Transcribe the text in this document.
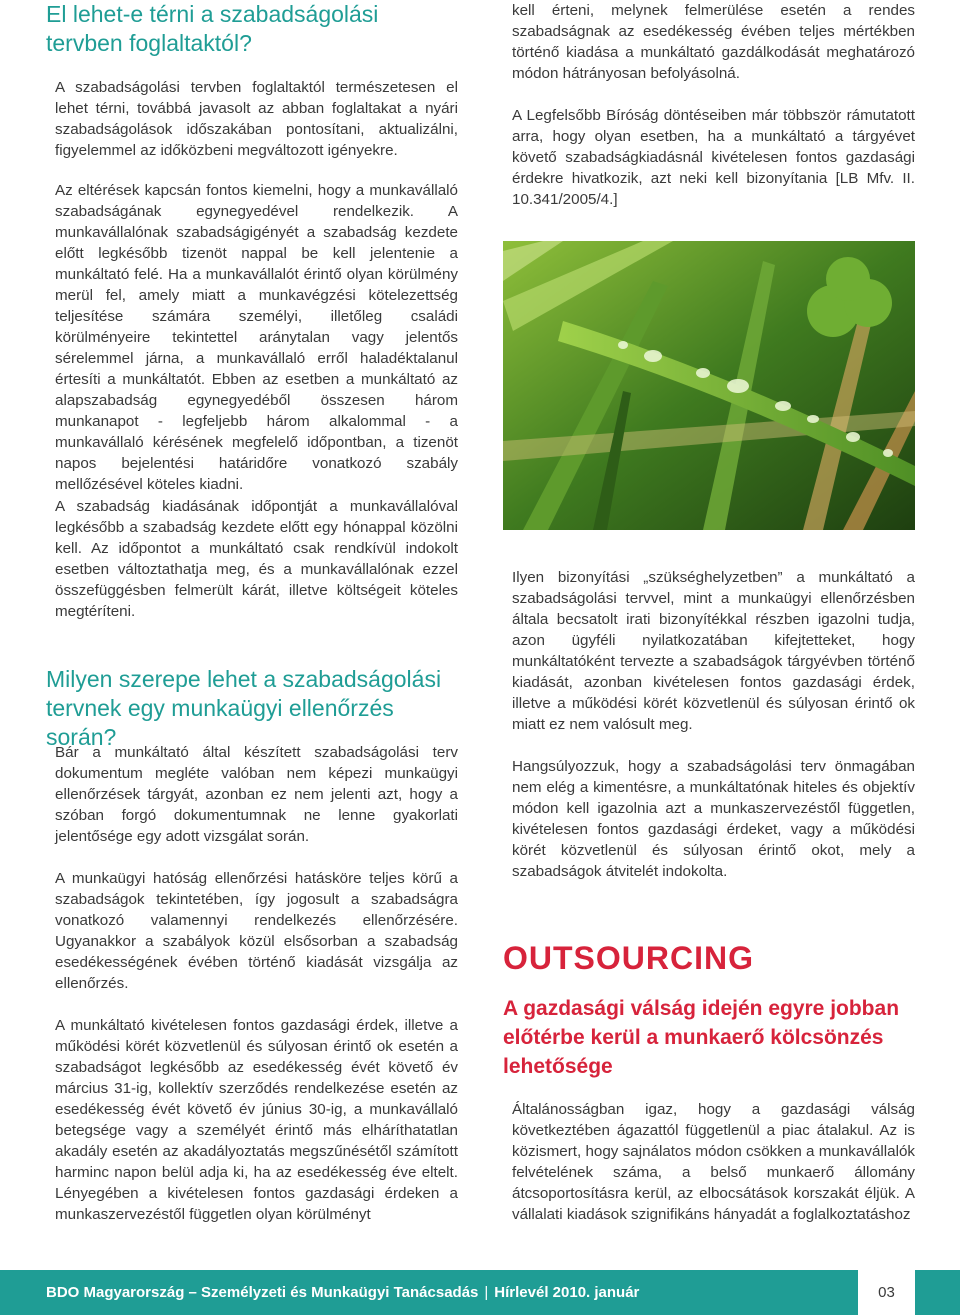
El lehet-e térni a szabadságolási tervben foglaltaktól?

A szabadságolási tervben foglaltaktól természetesen el lehet térni, továbbá javasolt az abban foglaltakat a nyári szabadságolások időszakában pontosítani, aktualizálni, figyelemmel az időközbeni megváltozott igényekre.

Az eltérések kapcsán fontos kiemelni, hogy a munkavállaló szabadságának egynegyedével rendelkezik. A munkavállalónak szabadságigényét a szabadság kezdete előtt legkésőbb tizenöt nappal be kell jelentenie a munkáltató felé. Ha a munkavállalót érintő olyan körülmény merül fel, amely miatt a munkavégzési kötelezettség teljesítése számára személyi, illetőleg családi körülményeire tekintettel aránytalan vagy jelentős sérelemmel járna, a munkavállaló erről haladéktalanul értesíti a munkáltatót. Ebben az esetben a munkáltató az alapszabadság egynegyedéből összesen három munkanapot - legfeljebb három alkalommal - a munkavállaló kérésének megfelelő időpontban, a tizenöt napos bejelentési határidőre vonatkozó szabály mellőzésével köteles kiadni.

A szabadság kiadásának időpontját a munkavállalóval legkésőbb a szabadság kezdete előtt egy hónappal közölni kell. Az időpontot a munkáltató csak rendkívül indokolt esetben változtathatja meg, és a munkavállalónak ezzel összefüggésben felmerült kárát, illetve költségeit köteles megtéríteni.

Milyen szerepe lehet a szabadságolási tervnek egy munkaügyi ellenőrzés során?

Bár a munkáltató által készített szabadságolási terv dokumentum megléte valóban nem képezi munkaügyi ellenőrzések tárgyát, azonban ez nem jelenti azt, hogy a szóban forgó dokumentumnak ne lenne gyakorlati jelentősége egy adott vizsgálat során.

A munkaügyi hatóság ellenőrzési hatásköre teljes körű a szabadságok tekintetében, így jogosult a szabadságra vonatkozó valamennyi rendelkezés ellenőrzésére. Ugyanakkor a szabályok közül elsősorban a szabadság esedékességének évében történő kiadását vizsgálja az ellenőrzés.

A munkáltató kivételesen fontos gazdasági érdek, illetve a működési körét közvetlenül és súlyosan érintő ok esetén a szabadságot legkésőbb az esedékesség évét követő év március 31-ig, kollektív szerződés rendelkezése esetén az esedékesség évét követő év június 30-ig, a munkavállaló betegsége vagy a személyét érintő más elháríthatatlan akadály esetén az akadályoztatás megszűnésétől számított harminc napon belül adja ki, ha az esedékesség éve eltelt. Lényegében a kivételesen fontos gazdasági érdeken a munkaszervezéstől független olyan körülményt

kell érteni, melynek felmerülése esetén a rendes szabadságnak az esedékesség évében teljes mértékben történő kiadása a munkáltató gazdálkodását meghatározó módon hátrányosan befolyásolná.

A Legfelsőbb Bíróság döntéseiben már többször rámutatott arra, hogy olyan esetben, ha a munkáltató a tárgyévet követő szabadságkiadásnál kivételesen fontos gazdasági érdekre hivatkozik, azt neki kell bizonyítania [LB Mfv. II. 10.341/2005/4.]

Ilyen bizonyítási „szükséghelyzetben” a munkáltató a szabadságolási tervvel, mint a munkaügyi ellenőrzésben általa becsatolt irati bizonyítékkal részben igazolni tudja, azon ügyféli nyilatkozatában kifejtetteket, hogy munkáltatóként tervezte a szabadságok tárgyévben történő kiadását, azonban kivételesen fontos gazdasági érdek, illetve a működési körét közvetlenül és súlyosan érintő ok miatt ez nem valósult meg.

Hangsúlyozzuk, hogy a szabadságolási terv önmagában nem elég a kimentésre, a munkáltatónak hiteles és objektív módon kell igazolnia azt a munkaszervezéstől független, kivételesen fontos gazdasági érdeket, vagy a működési körét közvetlenül és súlyosan érintő okot, mely a szabadságok átvitelét indokolta.

OUTSOURCING
A gazdasági válság idején egyre jobban előtérbe kerül a munkaerő kölcsönzés lehetősége

Általánosságban igaz, hogy a gazdasági válság következtében ágazattól függetlenül a piac átalakul. Az is közismert, hogy sajnálatos módon csökken a munkavállalók felvételének száma, a belső munkaerő állomány átcsoportosításra kerül, az elbocsátások korszakát éljük. A vállalati kiadások szignifikáns hányadát a foglalkoztatáshoz

BDO Magyarország – Személyzeti és Munkaügyi Tanácsadás | Hírlevél 2010. január	03
